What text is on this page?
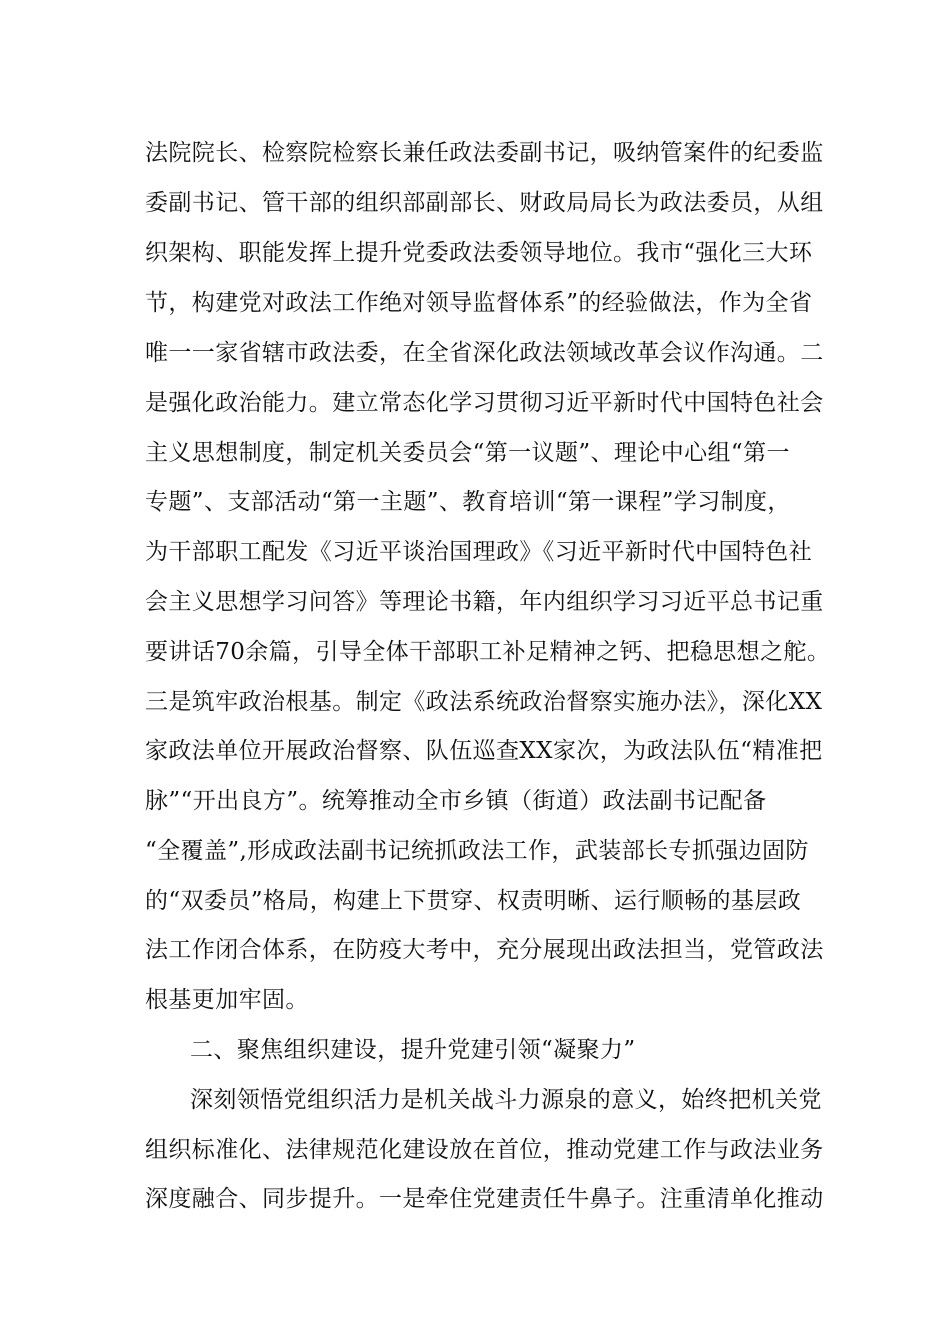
法院院长、检察院检察长兼任政法委副书记，吸纳管案件的纪委监
委副书记、管干部的组织部副部长、财政局局长为政法委员，从组
织架构、职能发挥上提升党委政法委领导地位。我市“强化三大环
节，构建党对政法工作绝对领导监督体系”的经验做法，作为全省
唯一一家省辖市政法委，在全省深化政法领域改革会议作沟通。二
是强化政治能力。建立常态化学习贯彻习近平新时代中国特色社会
主义思想制度，制定机关委员会“第一议题”、理论中心组“第一
专题”、支部活动“第一主题”、教育培训“第一课程”学习制度，
为干部职工配发《习近平谈治国理政》《习近平新时代中国特色社
会主义思想学习问答》等理论书籍，年内组织学习习近平总书记重
要讲话70余篇，引导全体干部职工补足精神之钙、把稳思想之舵。
三是筑牢政治根基。制定《政法系统政治督察实施办法》，深化XX
家政法单位开展政治督察、队伍巡查XX家次，为政法队伍“精准把
脉”“开出良方”。统筹推动全市乡镇（街道）政法副书记配备
“全覆盖”,形成政法副书记统抓政法工作，武装部长专抓强边固防
的“双委员”格局，构建上下贯穿、权责明晰、运行顺畅的基层政
法工作闭合体系，在防疫大考中，充分展现出政法担当，党管政法
根基更加牢固。
二、聚焦组织建设，提升党建引领“凝聚力”
深刻领悟党组织活力是机关战斗力源泉的意义，始终把机关党
组织标准化、法律规范化建设放在首位，推动党建工作与政法业务
深度融合、同步提升。一是牵住党建责任牛鼻子。注重清单化推动
